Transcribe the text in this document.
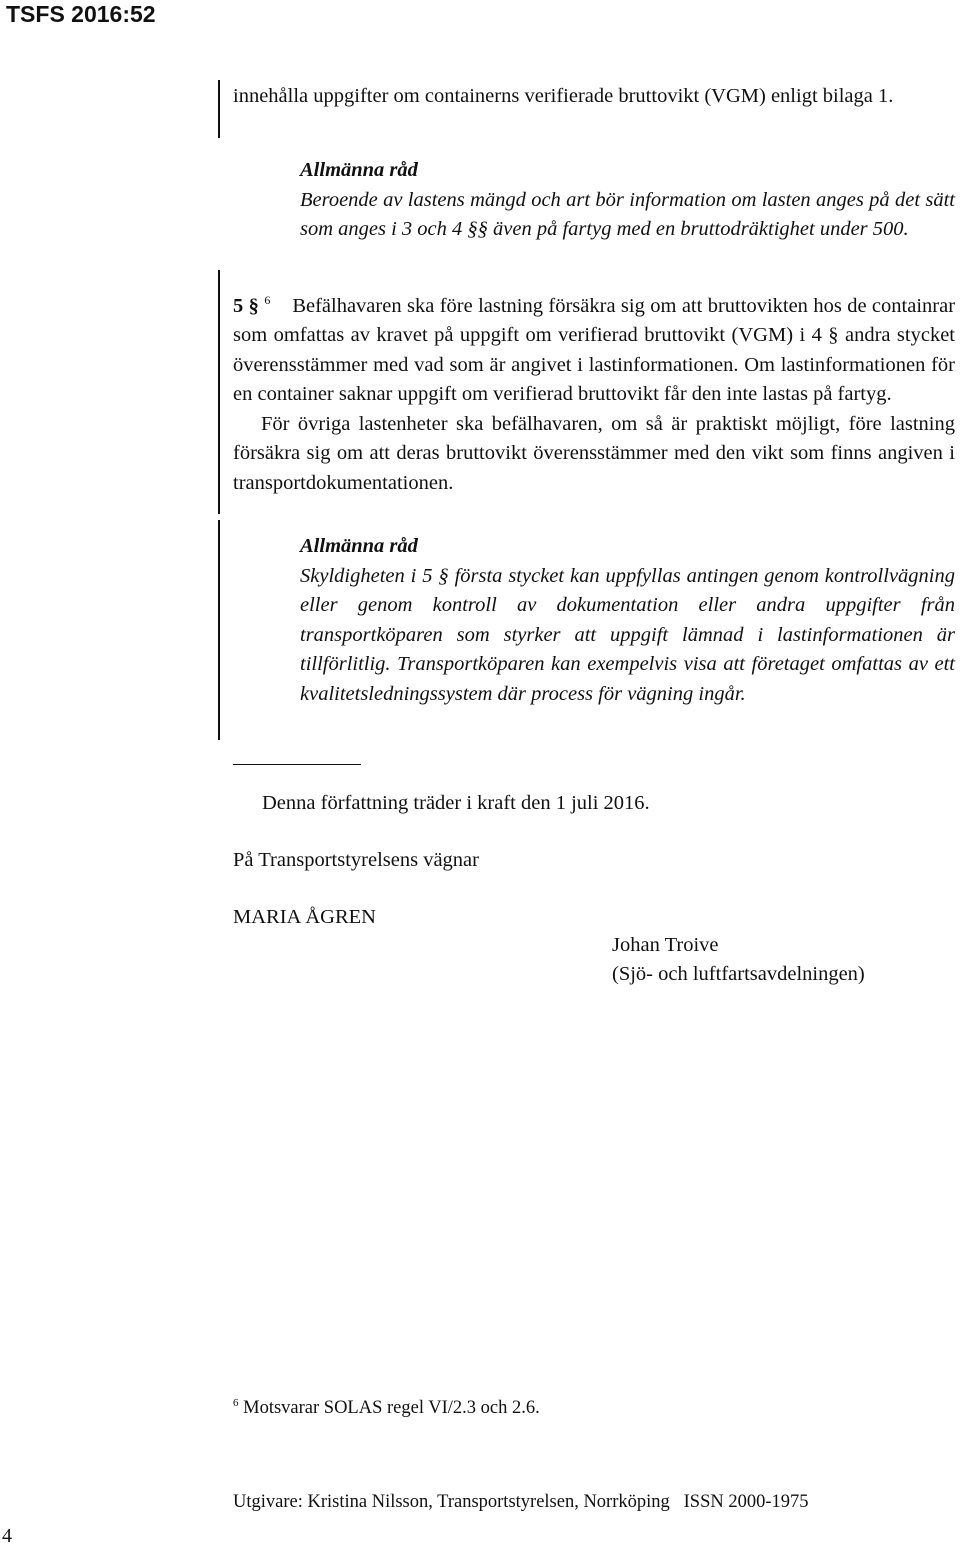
TSFS 2016:52
innehålla uppgifter om containerns verifierade bruttovikt (VGM) enligt bilaga 1.
Allmänna råd
Beroende av lastens mängd och art bör information om lasten anges på det sätt som anges i 3 och 4 §§ även på fartyg med en bruttodräktighet under 500.
5 § $^6$ Befälhavaren ska före lastning försäkra sig om att bruttovikten hos de containrar som omfattas av kravet på uppgift om verifierad bruttovikt (VGM) i 4 § andra stycket överensstämmer med vad som är angivet i lastinformationen. Om lastinformationen för en container saknar uppgift om verifierad bruttovikt får den inte lastas på fartyg.
För övriga lastenheter ska befälhavaren, om så är praktiskt möjligt, före lastning försäkra sig om att deras bruttovikt överensstämmer med den vikt som finns angiven i transportdokumentationen.
Allmänna råd
Skyldigheten i 5 § första stycket kan uppfyllas antingen genom kontrollvägning eller genom kontroll av dokumentation eller andra uppgifter från transportköparen som styrker att uppgift lämnad i lastinformationen är tillförlitlig. Transportköparen kan exempelvis visa att företaget omfattas av ett kvalitetsledningssystem där process för vägning ingår.
Denna författning träder i kraft den 1 juli 2016.
På Transportstyrelsens vägnar
MARIA ÅGREN
Johan Troive
(Sjö- och luftfartsavdelningen)
$^6$ Motsvarar SOLAS regel VI/2.3 och 2.6.
Utgivare: Kristina Nilsson, Transportstyrelsen, Norrköping   ISSN 2000-1975
4
